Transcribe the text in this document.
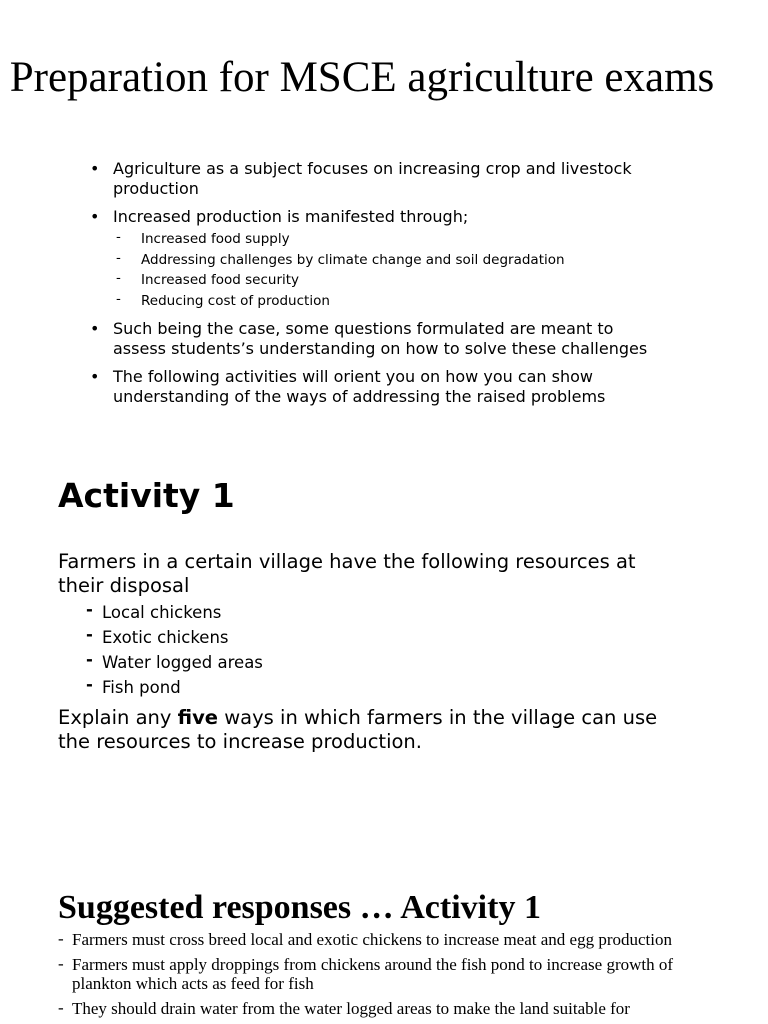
Preparation for MSCE agriculture exams
• Agriculture as a subject focuses on increasing crop and livestock production
• Increased production is manifested through;
- Increased food supply
- Addressing challenges by climate change and soil degradation
- Increased food security
- Reducing cost of production
• Such being the case, some questions formulated are meant to assess students’s understanding on how to solve these challenges
• The following activities will orient you on how you can show understanding of the ways of addressing the raised problems
Activity 1

Farmers in a certain village have the following resources at their disposal

- Local chickens
- Exotic chickens
- Water logged areas
- Fish pond

Explain any five ways in which farmers in the village can use the resources to increase production.

Suggested responses … Activity 1
- Farmers must cross breed local and exotic chickens to increase meat and egg production
- Farmers must apply droppings from chickens around the fish pond to increase growth of plankton which acts as feed for fish
- They should drain water from the water logged areas to make the land suitable for
